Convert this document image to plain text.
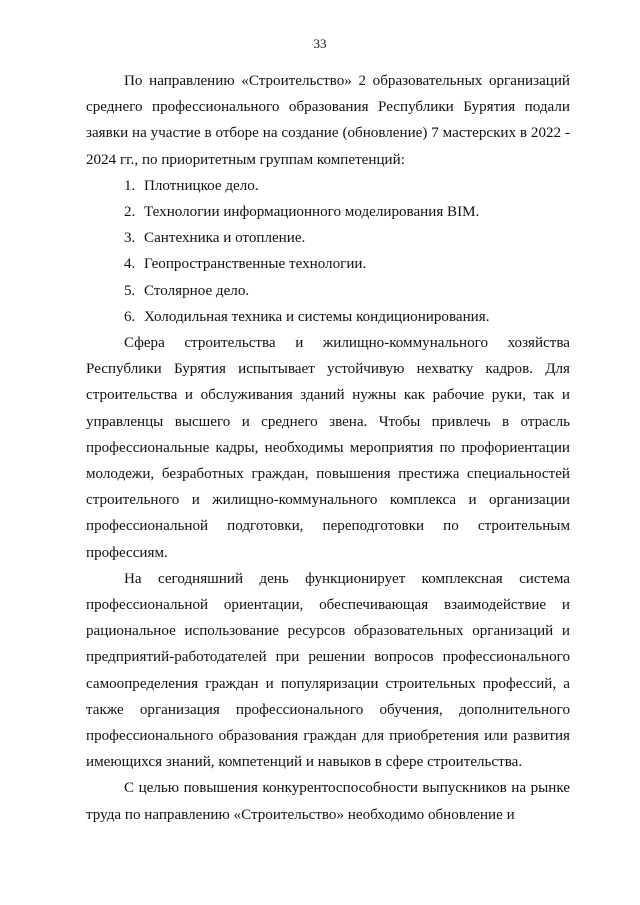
33

По направлению «Строительство» 2 образовательных организаций среднего профессионального образования Республики Бурятия подали заявки на участие в отборе на создание (обновление) 7 мастерских в 2022 - 2024 гг., по приоритетным группам компетенций:

1. Плотницкое дело.
2. Технологии информационного моделирования BIM.
3. Сантехника и отопление.
4. Геопространственные технологии.
5. Столярное дело.
6. Холодильная техника и системы кондиционирования.

Сфера строительства и жилищно-коммунального хозяйства Республики Бурятия испытывает устойчивую нехватку кадров. Для строительства и обслуживания зданий нужны как рабочие руки, так и управленцы высшего и среднего звена. Чтобы привлечь в отрасль профессиональные кадры, необходимы мероприятия по профориентации молодежи, безработных граждан, повышения престижа специальностей строительного и жилищно-коммунального комплекса и организации профессиональной подготовки, переподготовки по строительным профессиям.

На сегодняшний день функционирует комплексная система профессиональной ориентации, обеспечивающая взаимодействие и рациональное использование ресурсов образовательных организаций и предприятий-работодателей при решении вопросов профессионального самоопределения граждан и популяризации строительных профессий, а также организация профессионального обучения, дополнительного профессионального образования граждан для приобретения или развития имеющихся знаний, компетенций и навыков в сфере строительства.

С целью повышения конкурентоспособности выпускников на рынке труда по направлению «Строительство» необходимо обновление и
